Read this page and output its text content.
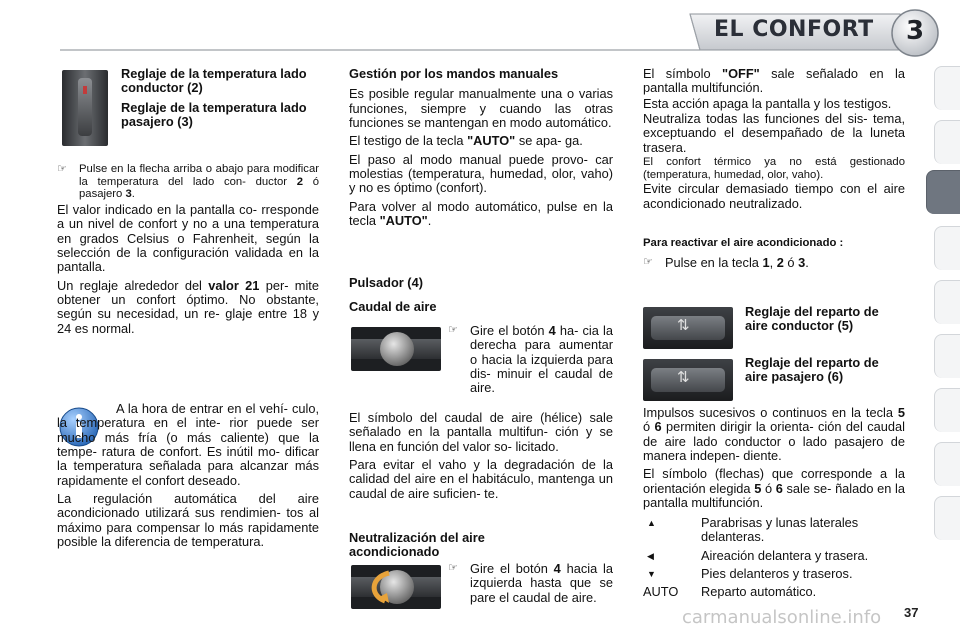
EL CONFORT 3

Reglaje de la temperatura lado conductor (2)

Reglaje de la temperatura lado pasajero (3)

☞	Pulse en la flecha arriba o abajo para modificar la temperatura del lado con- ductor 2 ó pasajero 3.

El valor indicado en la pantalla co- rresponde a un nivel de confort y no a una temperatura en grados Celsius o Fahrenheit, según la selección de la configuración validada en la pantalla.

Un reglaje alrededor del valor 21 per- mite obtener un confort óptimo. No obstante, según su necesidad, un re- glaje entre 18 y 24 es normal.

A la hora de entrar en el vehí- culo, la temperatura en el inte- rior puede ser mucho más fría (o más caliente) que la tempe- ratura de confort. Es inútil mo- dificar la temperatura señalada para alcanzar más rapidamente el confort deseado.

La regulación automática del aire acondicionado utilizará sus rendimien- tos al máximo para compensar lo más rapidamente posible la diferencia de temperatura.

Gestión por los mandos manuales

Es posible regular manualmente una o varias funciones, siempre y cuando las otras funciones se mantengan en modo automático.

El testigo de la tecla "AUTO" se apa- ga.

El paso al modo manual puede provo- car molestias (temperatura, humedad, olor, vaho) y no es óptimo (confort).

Para volver al modo automático, pulse en la tecla "AUTO".

Pulsador (4)

Caudal de aire

☞ Gire el botón 4 ha- cia la derecha para aumentar o hacia la izquierda para dis- minuir el caudal de aire.

El símbolo del caudal de aire (hélice) sale señalado en la pantalla multifun- ción y se llena en función del valor so- licitado.

Para evitar el vaho y la degradación de la calidad del aire en el habitáculo, mantenga un caudal de aire suficien- te.

Neutralización del aire acondicionado

☞ Gire el botón 4 hacia la izquierda hasta que se pare el caudal de aire.

El símbolo "OFF" sale señalado en la pantalla multifunción.

Esta acción apaga la pantalla y los testigos.

Neutraliza todas las funciones del sis- tema, exceptuando el desempañado de la luneta trasera.

El confort térmico ya no está gestionado (temperatura, humedad, olor, vaho).

Evite circular demasiado tiempo con el aire acondicionado neutralizado.

Para reactivar el aire acondicionado :

☞ Pulse en la tecla 1, 2 ó 3.
⇅

Reglaje del reparto de aire conductor (5)

⇅

Reglaje del reparto de aire pasajero (6)

Impulsos sucesivos o continuos en la tecla 5 ó 6 permiten dirigir la orienta- ción del caudal de aire lado conductor o lado pasajero de manera indepen- diente.

El símbolo (flechas) que corresponde a la orientación elegida 5 ó 6 sale se- ñalado en la pantalla multifunción.

▲	Parabrisas y lunas laterales delanteras.
◀	Aireación delantera y trasera.
▼	Pies delanteros y traseros.
AUTO	Reparto automático.
carmanualsonline.info 37
